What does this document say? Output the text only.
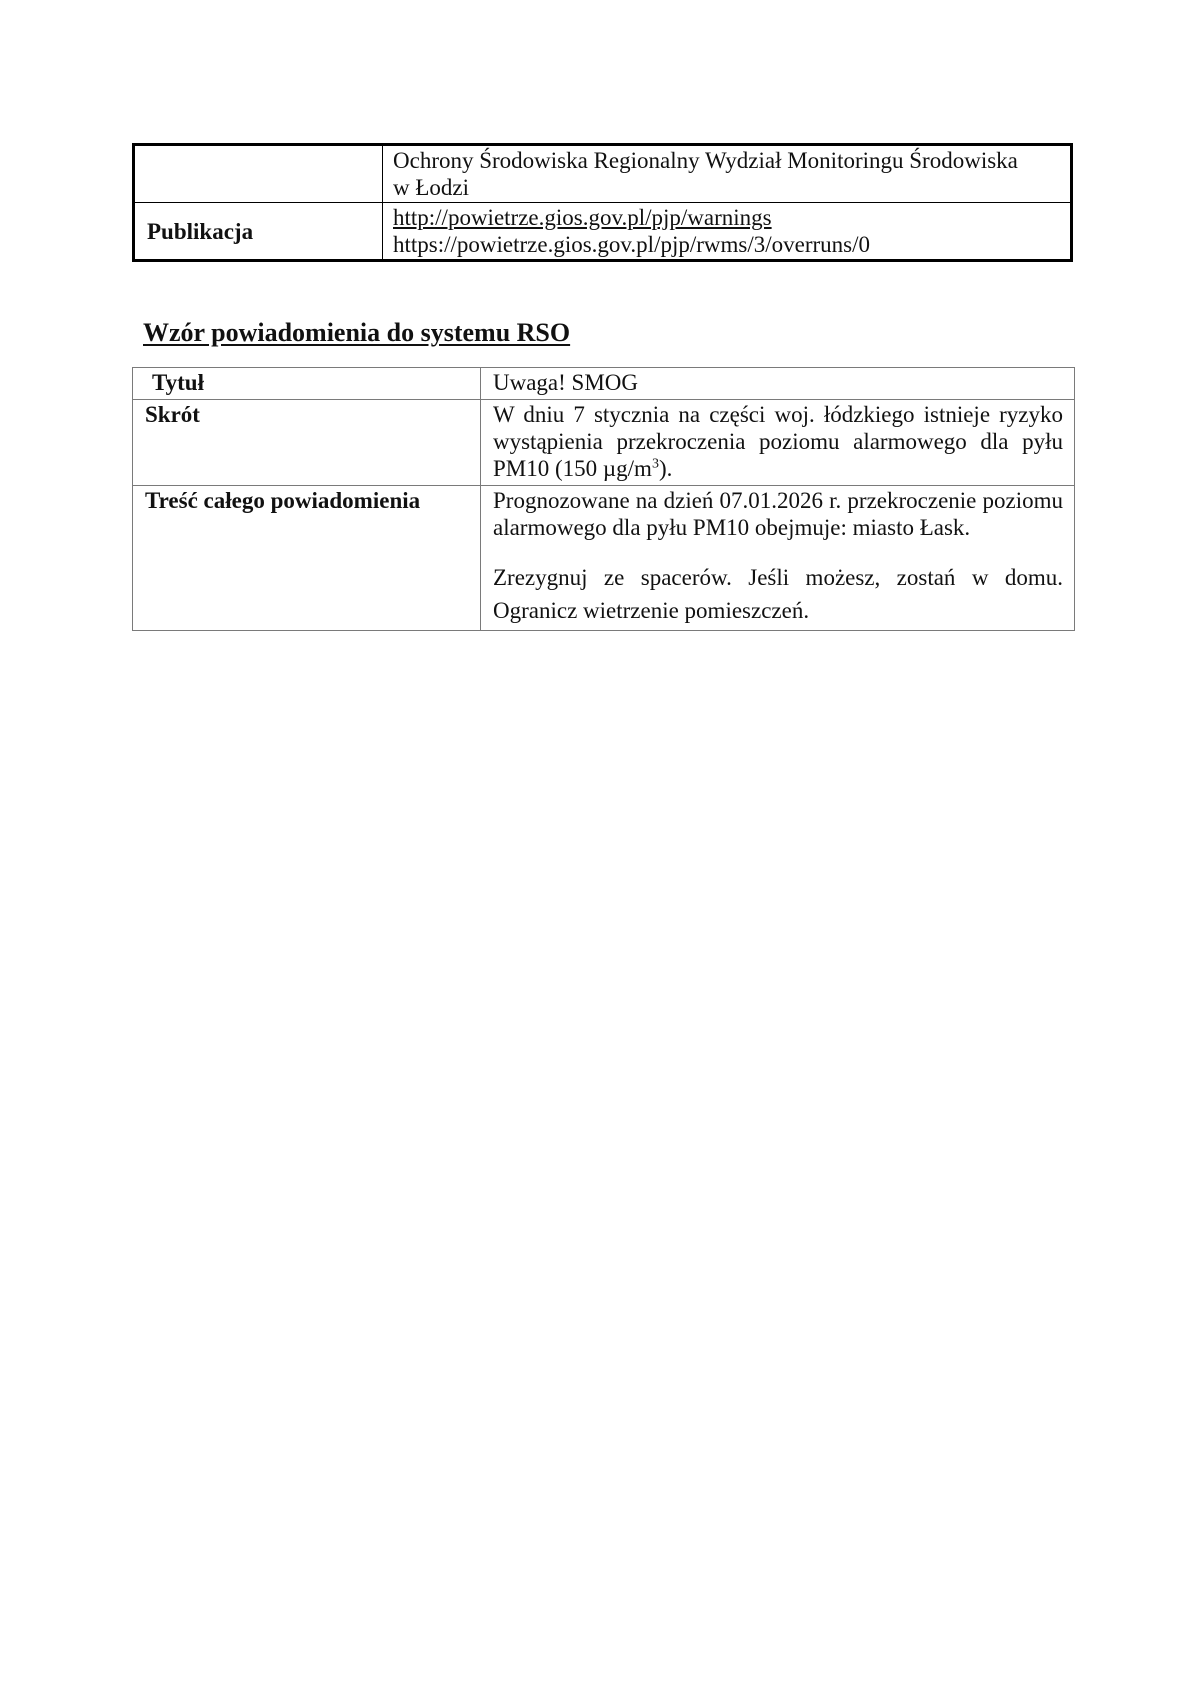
	Ochrony Środowiska Regionalny Wydział Monitoringu Środowiska
w Łodzi

Publikacja	http://powietrze.gios.gov.pl/pjp/warnings
https://powietrze.gios.gov.pl/pjp/rwms/3/overruns/0
Wzór powiadomienia do systemu RSO
Tytuł	Uwaga! SMOG
Skrót	W dniu 7 stycznia na części woj. łódzkiego istnieje ryzyko wystąpienia przekroczenia poziomu alarmowego dla pyłu PM10 (150 $\mu g/m^3$).
Treść całego powiadomienia	Prognozowane na dzień 07.01.2026 r. przekroczenie poziomu alarmowego dla pyłu PM10 obejmuje: miasto Łask.

Zrezygnuj ze spacerów. Jeśli możesz, zostań w domu. Ogranicz wietrzenie pomieszczeń.
